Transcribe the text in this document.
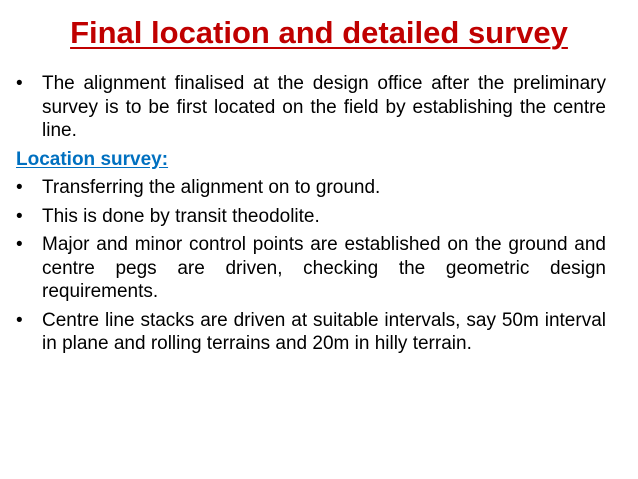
Final location and detailed survey
•	The alignment finalised at the design office after the preliminary survey is to be first located on the field by establishing the centre line.
Location survey:
•	Transferring the alignment on to ground.
•	This is done by transit theodolite.
•	Major and minor control points are established on the ground and centre pegs are driven, checking the geometric design requirements.
•	Centre line stacks are driven at suitable intervals, say 50m interval in plane and rolling terrains and 20m in hilly terrain.
